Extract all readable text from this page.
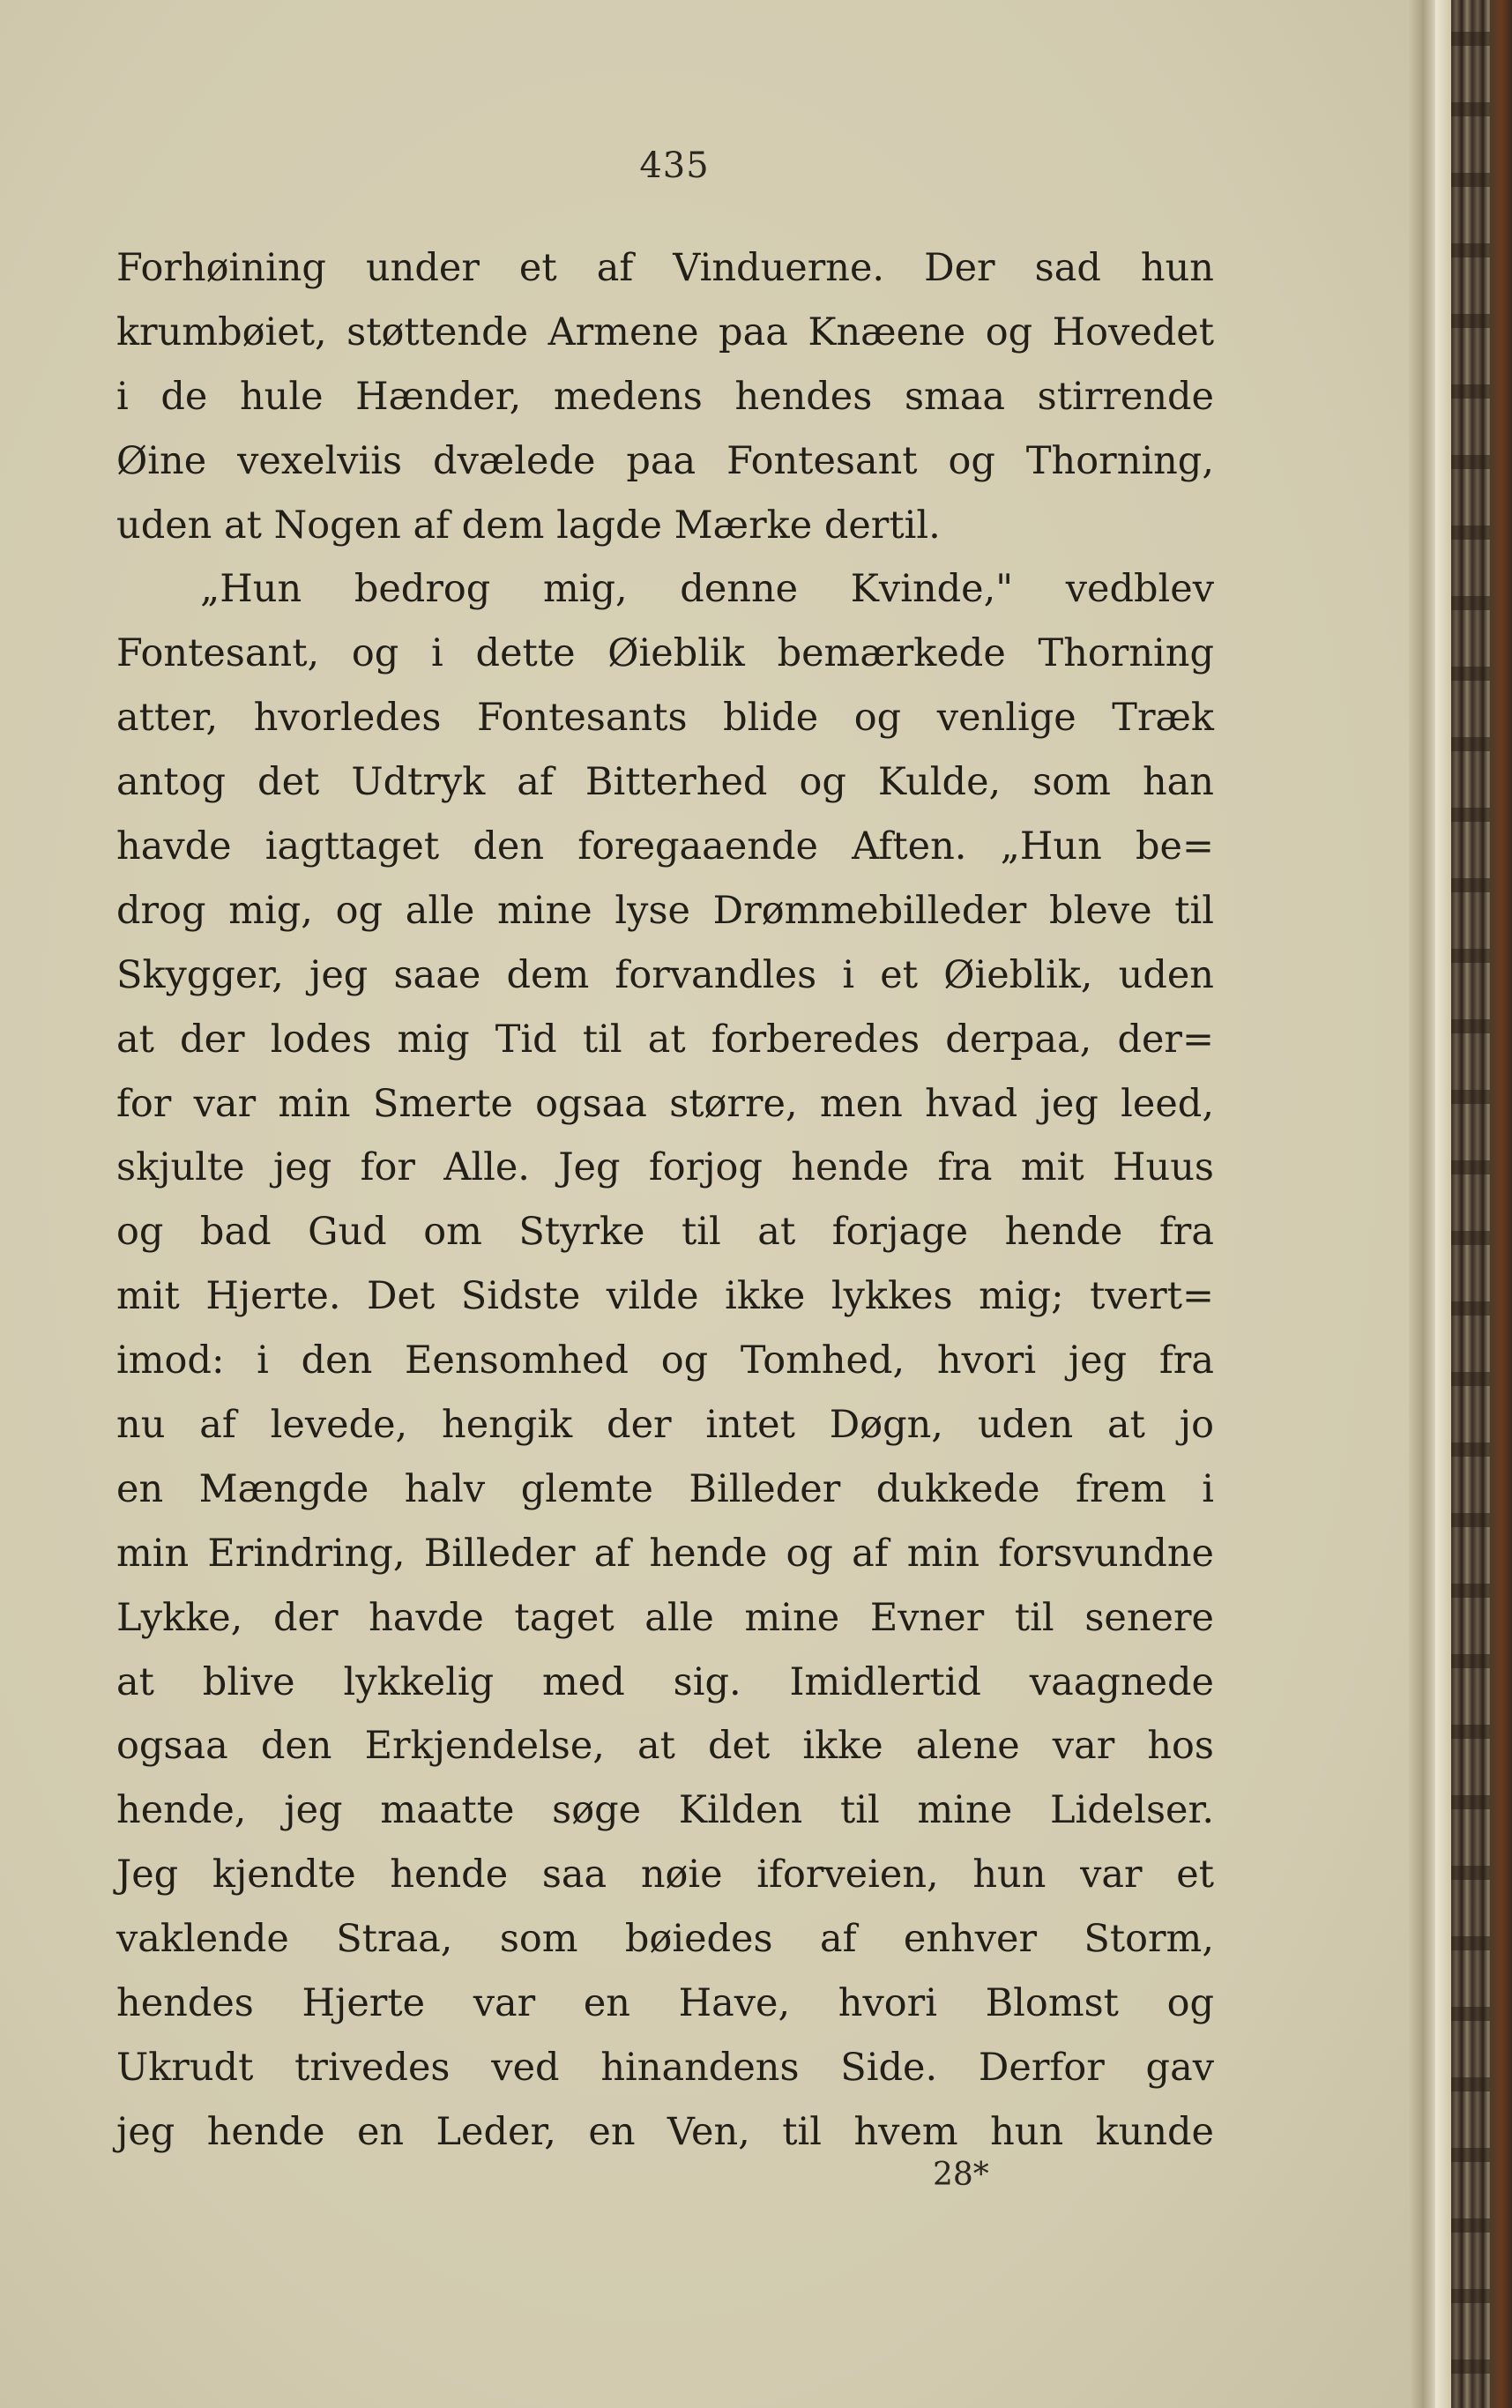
435
Forhøining under et af Vinduerne. Der sad hun
krumbøiet, støttende Armene paa Knæene og Hovedet
i de hule Hænder, medens hendes smaa stirrende
Øine vexelviis dvælede paa Fontesant og Thorning,
uden at Nogen af dem lagde Mærke dertil.
„Hun bedrog mig, denne Kvinde," vedblev
Fontesant, og i dette Øieblik bemærkede Thorning
atter, hvorledes Fontesants blide og venlige Træk
antog det Udtryk af Bitterhed og Kulde, som han
havde iagttaget den foregaaende Aften. „Hun be=
drog mig, og alle mine lyse Drømmebilleder bleve til
Skygger, jeg saae dem forvandles i et Øieblik, uden
at der lodes mig Tid til at forberedes derpaa, der=
for var min Smerte ogsaa større, men hvad jeg leed,
skjulte jeg for Alle. Jeg forjog hende fra mit Huus
og bad Gud om Styrke til at forjage hende fra
mit Hjerte. Det Sidste vilde ikke lykkes mig; tvert=
imod: i den Eensomhed og Tomhed, hvori jeg fra
nu af levede, hengik der intet Døgn, uden at jo
en Mængde halv glemte Billeder dukkede frem i
min Erindring, Billeder af hende og af min forsvundne
Lykke, der havde taget alle mine Evner til senere
at blive lykkelig med sig. Imidlertid vaagnede
ogsaa den Erkjendelse, at det ikke alene var hos
hende, jeg maatte søge Kilden til mine Lidelser.
Jeg kjendte hende saa nøie iforveien, hun var et
vaklende Straa, som bøiedes af enhver Storm,
hendes Hjerte var en Have, hvori Blomst og
Ukrudt trivedes ved hinandens Side. Derfor gav
jeg hende en Leder, en Ven, til hvem hun kunde
28*
